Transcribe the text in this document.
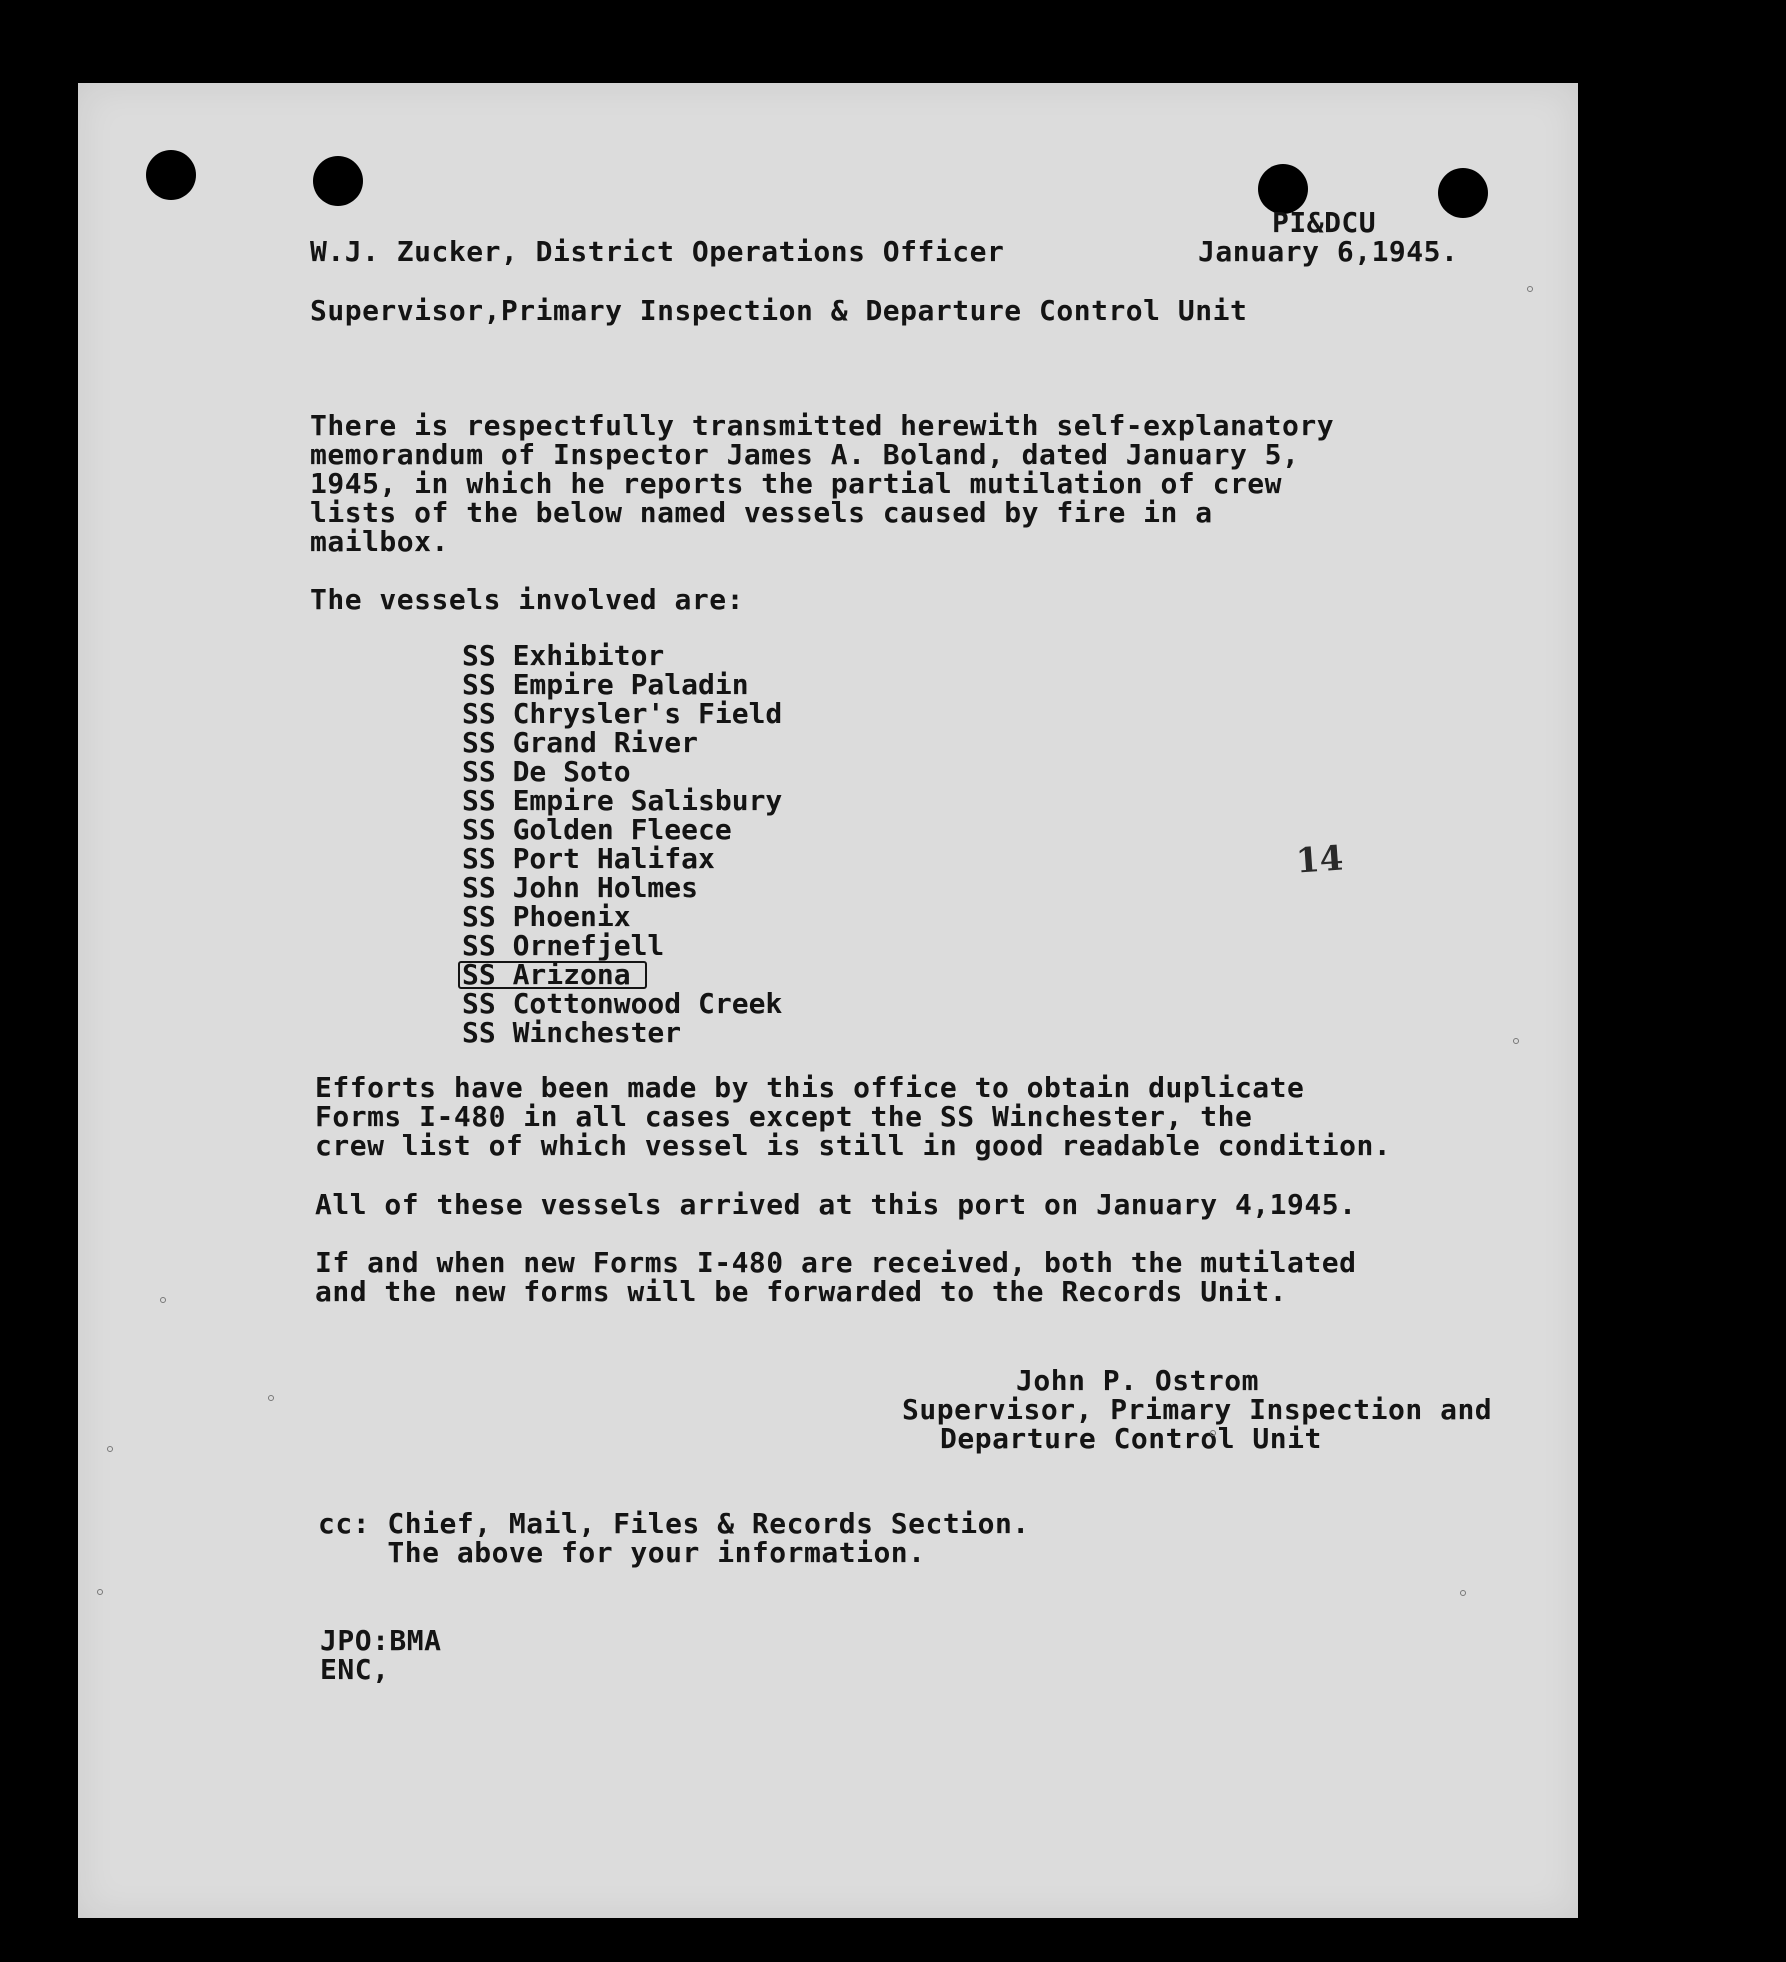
PI&DCU
W.J. Zucker, District Operations Officer	January 6,1945.
Supervisor,Primary Inspection & Departure Control Unit
There is respectfully transmitted herewith self-explanatory
memorandum of Inspector James A. Boland, dated January 5,
1945, in which he reports the partial mutilation of crew
lists of the below named vessels caused by fire in a
mailbox.
The vessels involved are:
SS Exhibitor
SS Empire Paladin
SS Chrysler's Field
SS Grand River
SS De Soto
SS Empire Salisbury
SS Golden Fleece
SS Port Halifax
SS John Holmes
SS Phoenix
SS Ornefjell
SS Arizona
SS Cottonwood Creek
SS Winchester
14
Efforts have been made by this office to obtain duplicate
Forms I-480 in all cases except the SS Winchester, the
crew list of which vessel is still in good readable condition.
All of these vessels arrived at this port on January 4,1945.
If and when new Forms I-480 are received, both the mutilated
and the new forms will be forwarded to the Records Unit.
John P. Ostrom
Supervisor, Primary Inspection and
Departure Control Unit
cc: Chief, Mail, Files & Records Section.
The above for your information.
JPO:BMA
ENC,
